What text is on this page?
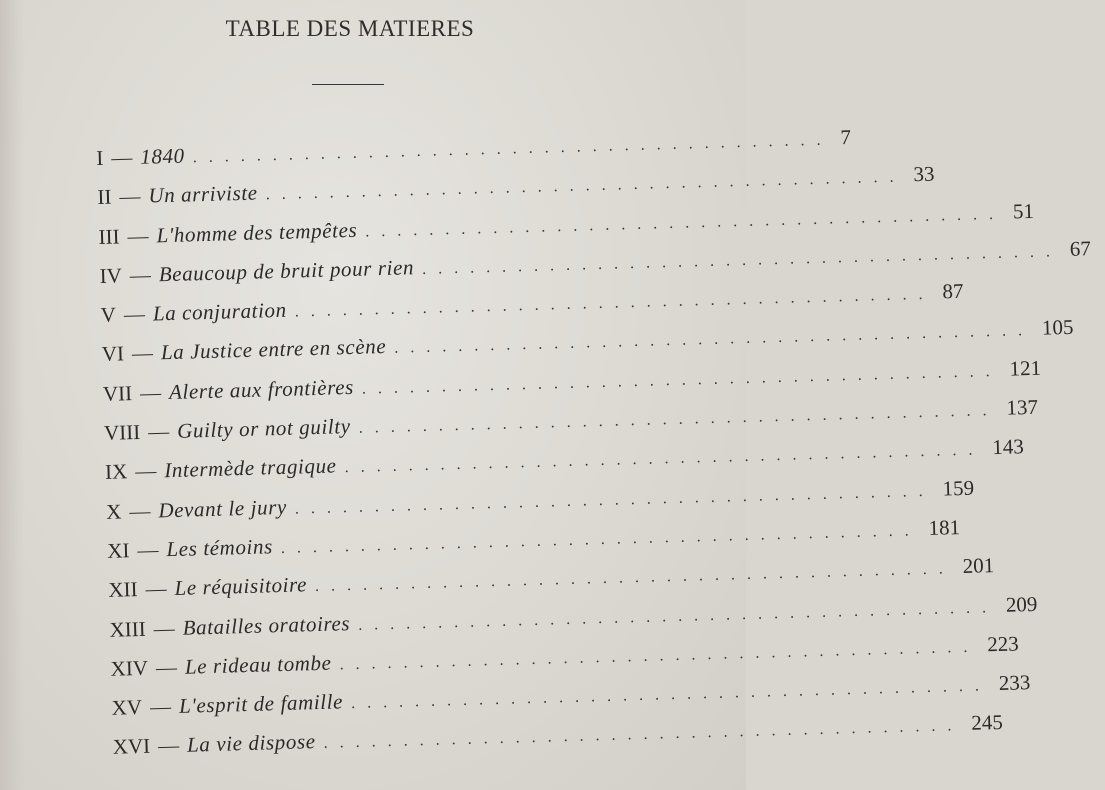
TABLE DES MATIERES
I — 1840 ........................................ 7
II — Un arriviste ........................................ 33
III — L'homme des tempêtes ........................................ 51
IV — Beaucoup de bruit pour rien ........................................ 67
V — La conjuration ........................................ 87
VI — La Justice entre en scène ........................................ 105
VII — Alerte aux frontières ........................................ 121
VIII — Guilty or not guilty ........................................ 137
IX — Intermède tragique ........................................ 143
X — Devant le jury ........................................ 159
XI — Les témoins ........................................ 181
XII — Le réquisitoire ........................................ 201
XIII — Batailles oratoires ........................................ 209
XIV — Le rideau tombe ........................................ 223
XV — L'esprit de famille ........................................ 233
XVI — La vie dispose ........................................ 245
